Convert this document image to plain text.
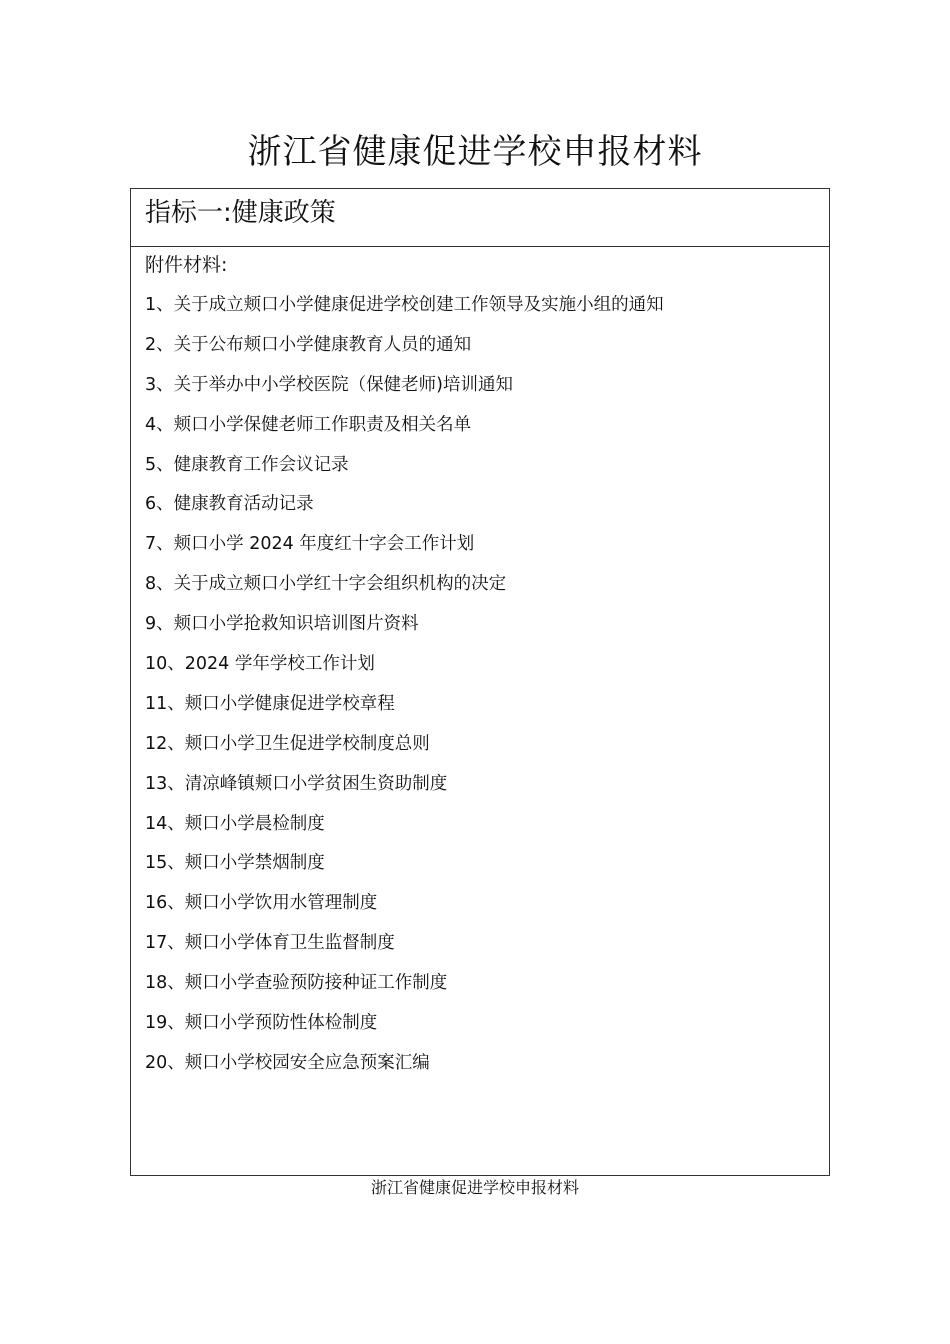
浙江省健康促进学校申报材料
指标一:健康政策
附件材料:
1、关于成立颊口小学健康促进学校创建工作领导及实施小组的通知
2、关于公布颊口小学健康教育人员的通知
3、关于举办中小学校医院（保健老师)培训通知
4、颊口小学保健老师工作职责及相关名单
5、健康教育工作会议记录
6、健康教育活动记录
7、颊口小学 2024 年度红十字会工作计划
8、关于成立颊口小学红十字会组织机构的决定
9、颊口小学抢救知识培训图片资料
10、2024 学年学校工作计划
11、颊口小学健康促进学校章程
12、颊口小学卫生促进学校制度总则
13、清凉峰镇颊口小学贫困生资助制度
14、颊口小学晨检制度
15、颊口小学禁烟制度
16、颊口小学饮用水管理制度
17、颊口小学体育卫生监督制度
18、颊口小学查验预防接种证工作制度
19、颊口小学预防性体检制度
20、颊口小学校园安全应急预案汇编
浙江省健康促进学校申报材料
